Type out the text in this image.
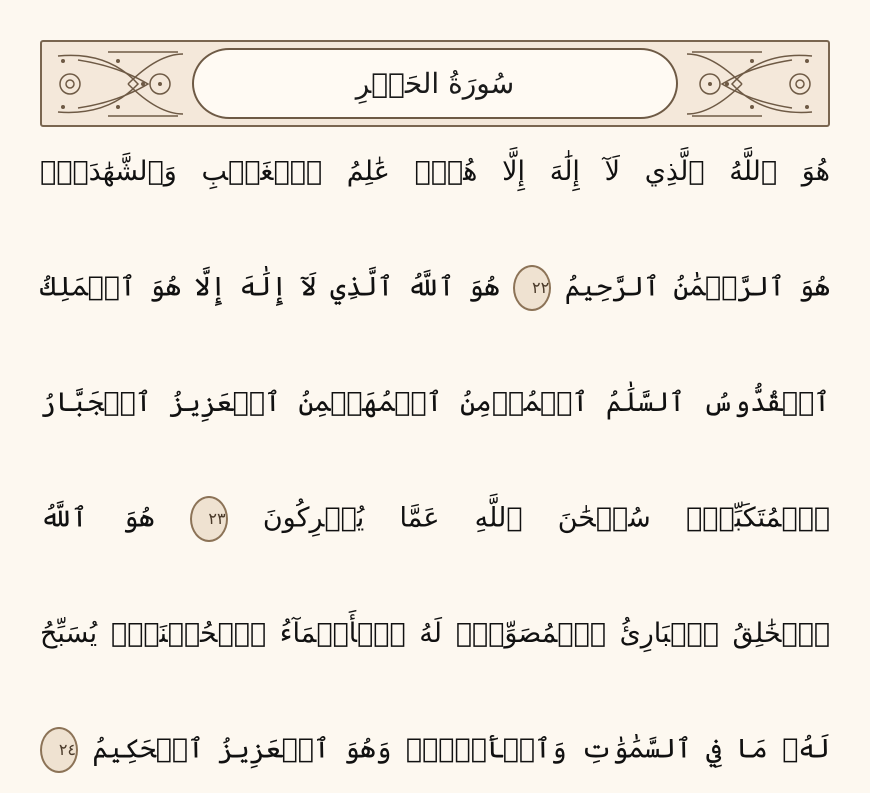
سُورَةُ الحَشۡرِ
هُوَ ٱللَّهُ ٱلَّذِي لَآ إِلَٰهَ إِلَّا هُوَۖ عَٰلِمُ ٱلۡغَيۡبِ وَٱلشَّهَٰدَةِۖ
هُوَ ٱلرَّحۡمَٰنُ ٱلرَّحِيمُ ٢٢ هُوَ ٱللَّهُ ٱلَّذِي لَآ إِلَٰهَ إِلَّا هُوَ ٱلۡمَلِكُ
ٱلۡقُدُّوسُ ٱلسَّلَٰمُ ٱلۡمُؤۡمِنُ ٱلۡمُهَيۡمِنُ ٱلۡعَزِيزُ ٱلۡجَبَّارُ
ٱلۡمُتَكَبِّرُۚ سُبۡحَٰنَ ٱللَّهِ عَمَّا يُشۡرِكُونَ ٢٣ هُوَ ٱللَّهُ
ٱلۡخَٰلِقُ ٱلۡبَارِئُ ٱلۡمُصَوِّرُۖ لَهُ ٱلۡأَسۡمَآءُ ٱلۡحُسۡنَىٰۚ يُسَبِّحُ
لَهُۥ مَا فِي ٱلسَّمَٰوَٰتِ وَٱلۡأَرۡضِۖ وَهُوَ ٱلۡعَزِيزُ ٱلۡحَكِيمُ ٢٤
